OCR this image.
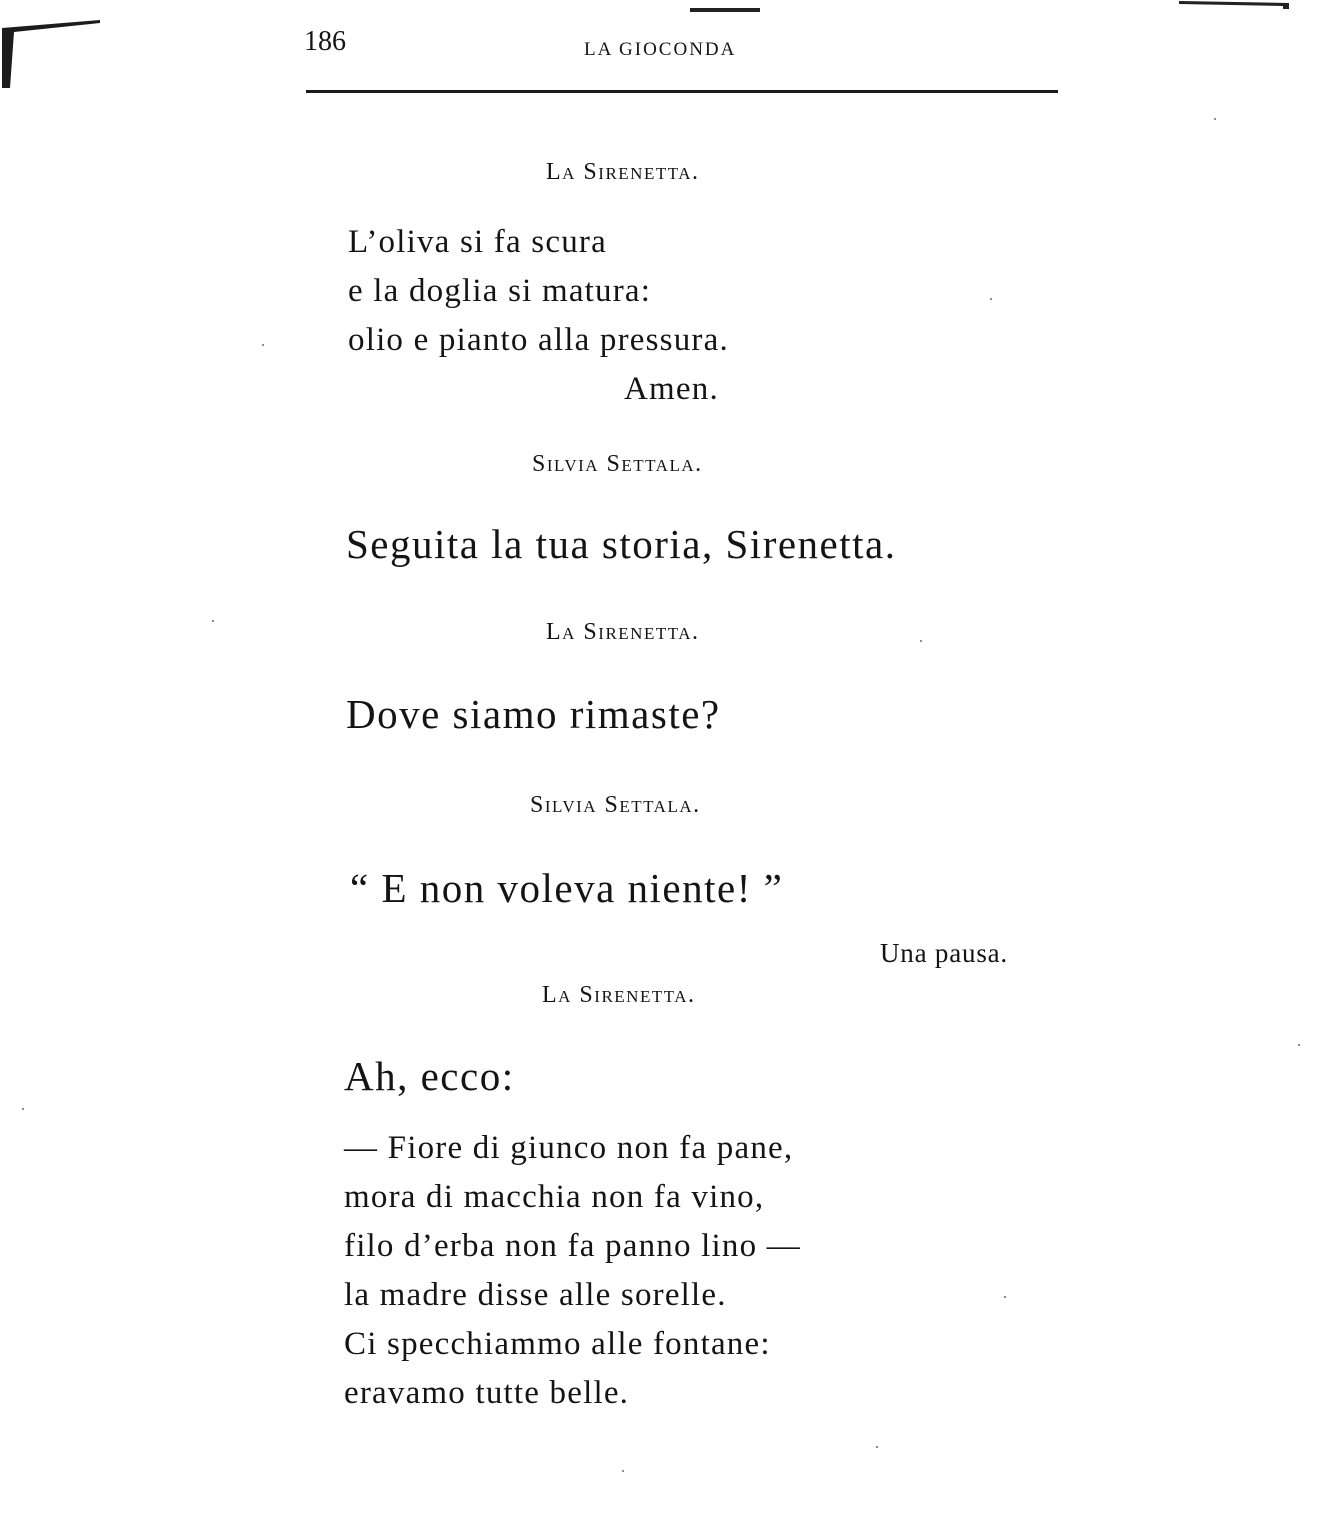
186	LA GIOCONDA
La Sirenetta.
L’oliva si fa scura
e la doglia si matura:
olio e pianto alla pressura.
Amen.
Silvia Settala.
Seguita la tua storia, Sirenetta.
La Sirenetta.
Dove siamo rimaste?
Silvia Settala.
“ E non voleva niente! ”
Una pausa.
La Sirenetta.
Ah, ecco:
— Fiore di giunco non fa pane,
mora di macchia non fa vino,
filo d’erba non fa panno lino —
la madre disse alle sorelle.
Ci specchiammo alle fontane:
eravamo tutte belle.
